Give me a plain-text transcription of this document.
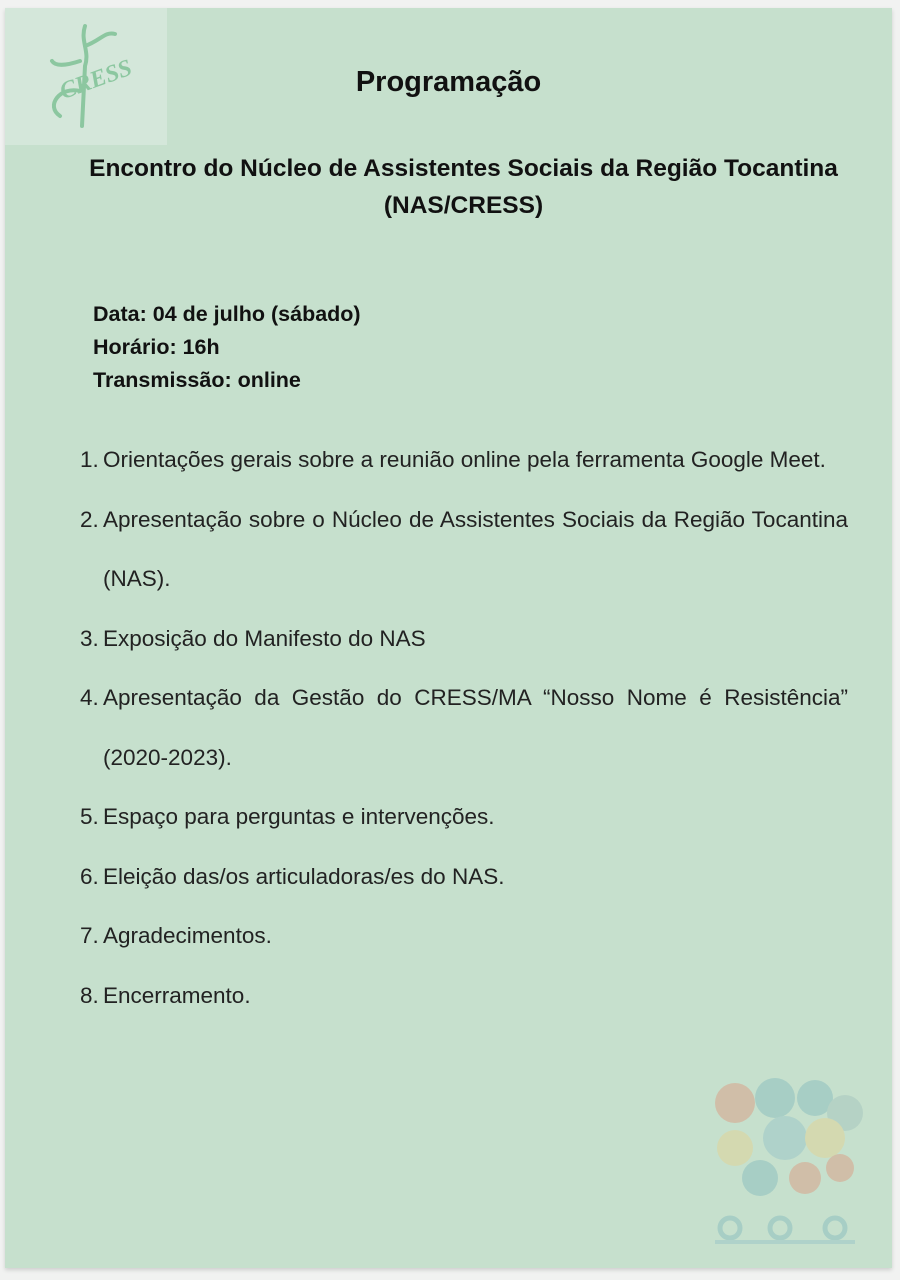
CRESS	Programação
Encontro do Núcleo de Assistentes Sociais da Região Tocantina (NAS/CRESS)
Data: 04 de julho (sábado)
Horário: 16h
Transmissão: online
1. Orientações gerais sobre a reunião online pela ferramenta Google Meet.
2. Apresentação sobre o Núcleo de Assistentes Sociais da Região Tocantina (NAS).
3. Exposição do Manifesto do NAS
4. Apresentação da Gestão do CRESS/MA “Nosso Nome é Resistência” (2020-2023).
5. Espaço para perguntas e intervenções.
6. Eleição das/os articuladoras/es do NAS.
7. Agradecimentos.
8. Encerramento.
